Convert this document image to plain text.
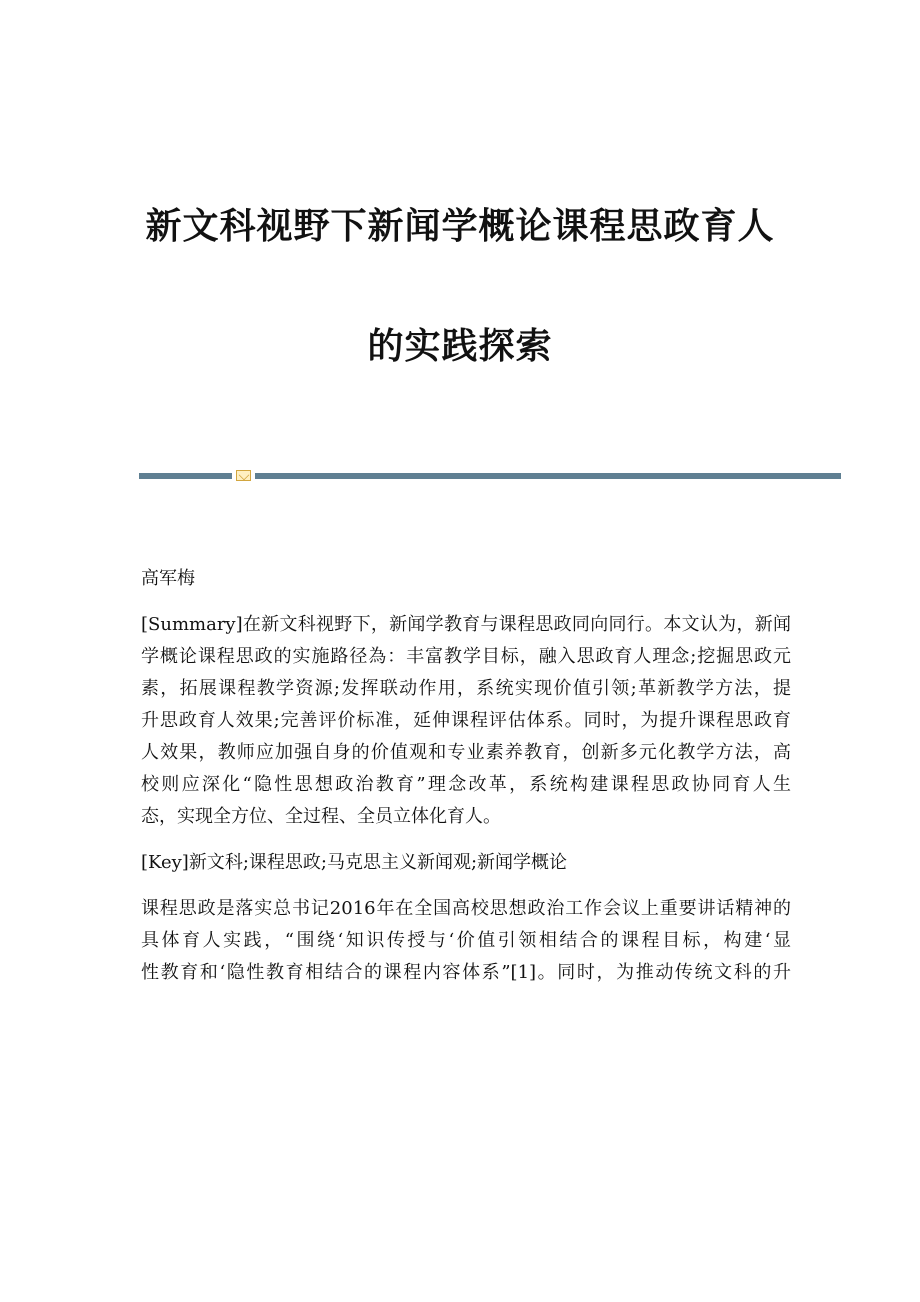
新文科视野下新闻学概论课程思政育人
的实践探索
高军梅
[Summary]在新文科视野下，新闻学教育与课程思政同向同行。本文认为，新闻
学概论课程思政的实施路径為：丰富教学目标，融入思政育人理念;挖掘思政元
素，拓展课程教学资源;发挥联动作用，系统实现价值引领;革新教学方法，提
升思政育人效果;完善评价标准，延伸课程评估体系。同时，为提升课程思政育
人效果，教师应加强自身的价值观和专业素养教育，创新多元化教学方法，高
校则应深化“隐性思想政治教育”理念改革，系统构建课程思政协同育人生
态，实现全方位、全过程、全员立体化育人。
[Key]新文科;课程思政;马克思主义新闻观;新闻学概论
课程思政是落实总书记2016年在全国高校思想政治工作会议上重要讲话精神的
具体育人实践，“围绕‘知识传授与‘价值引领相结合的课程目标，构建‘显
性教育和‘隐性教育相结合的课程内容体系”[1]。同时，为推动传统文科的升
